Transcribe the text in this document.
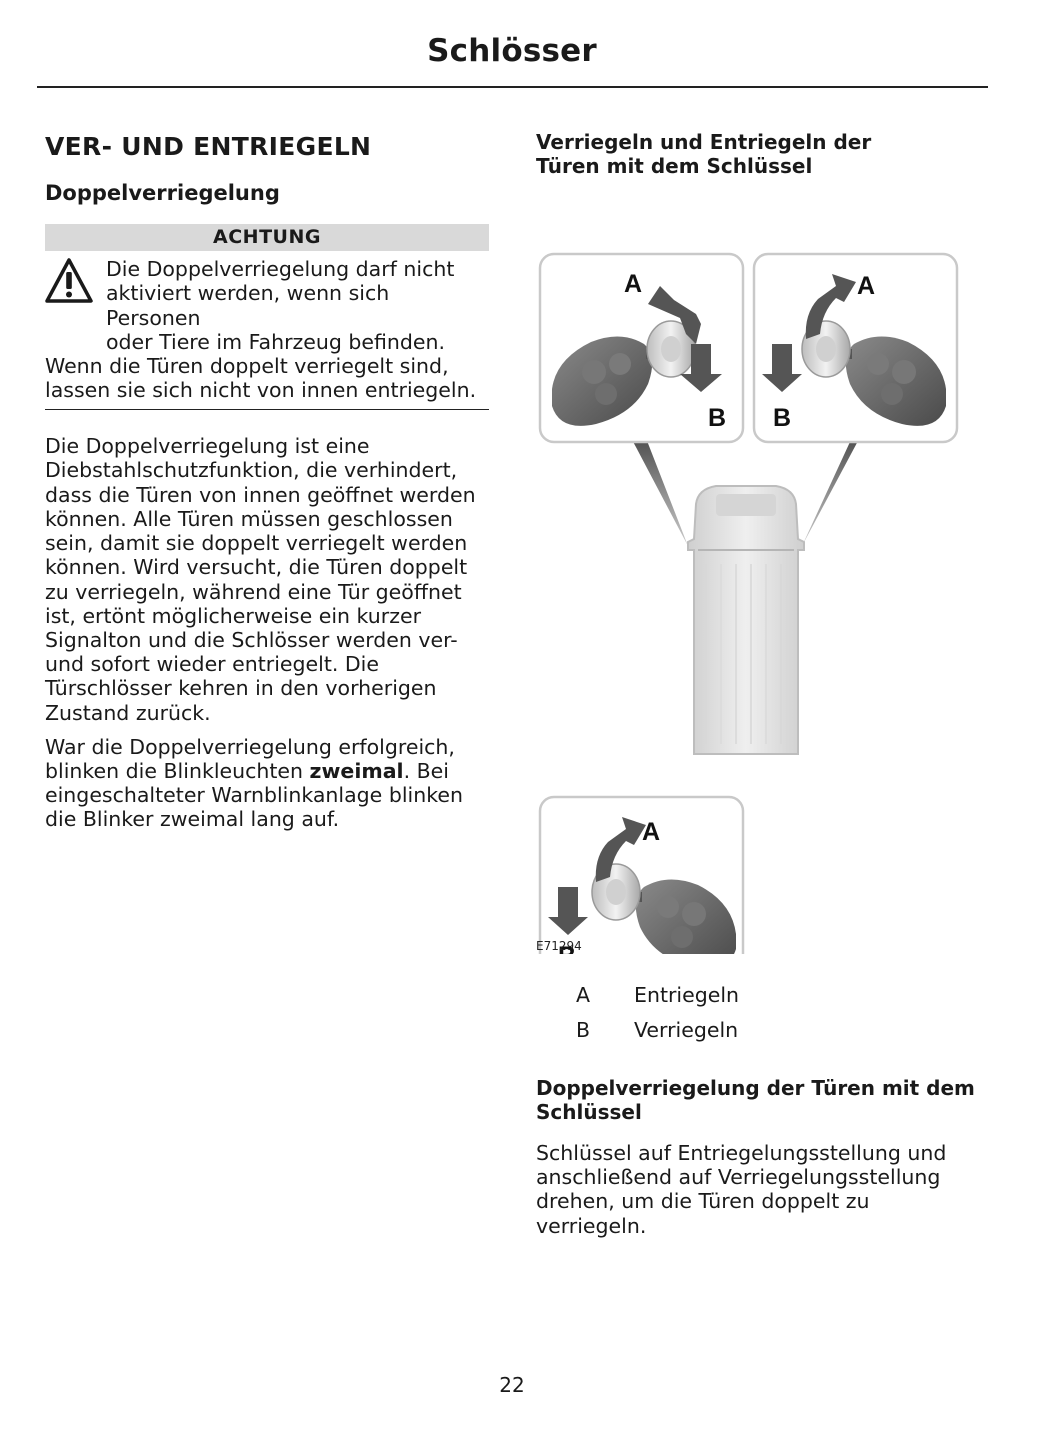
Schlösser
VER- UND ENTRIEGELN
Doppelverriegelung
ACHTUNG
Die Doppelverriegelung darf nicht
aktiviert werden, wenn sich Personen
oder Tiere im Fahrzeug befinden.
Wenn die Türen doppelt verriegelt sind,
lassen sie sich nicht von innen entriegeln.
Die Doppelverriegelung ist eine
Diebstahlschutzfunktion, die verhindert,
dass die Türen von innen geöffnet werden
können. Alle Türen müssen geschlossen
sein, damit sie doppelt verriegelt werden
können. Wird versucht, die Türen doppelt
zu verriegeln, während eine Tür geöffnet
ist, ertönt möglicherweise ein kurzer
Signalton und die Schlösser werden ver-
und sofort wieder entriegelt. Die
Türschlösser kehren in den vorherigen
Zustand zurück.
War die Doppelverriegelung erfolgreich,
blinken die Blinkleuchten zweimal. Bei
eingeschalteter Warnblinkanlage blinken
die Blinker zweimal lang auf.
Verriegeln und Entriegeln der
Türen mit dem Schlüssel
A
B
A
B
A
E71294
A	Entriegeln
B	Verriegeln
Doppelverriegelung der Türen mit dem
Schlüssel
Schlüssel auf Entriegelungsstellung und
anschließend auf Verriegelungsstellung
drehen, um die Türen doppelt zu verriegeln.
22
